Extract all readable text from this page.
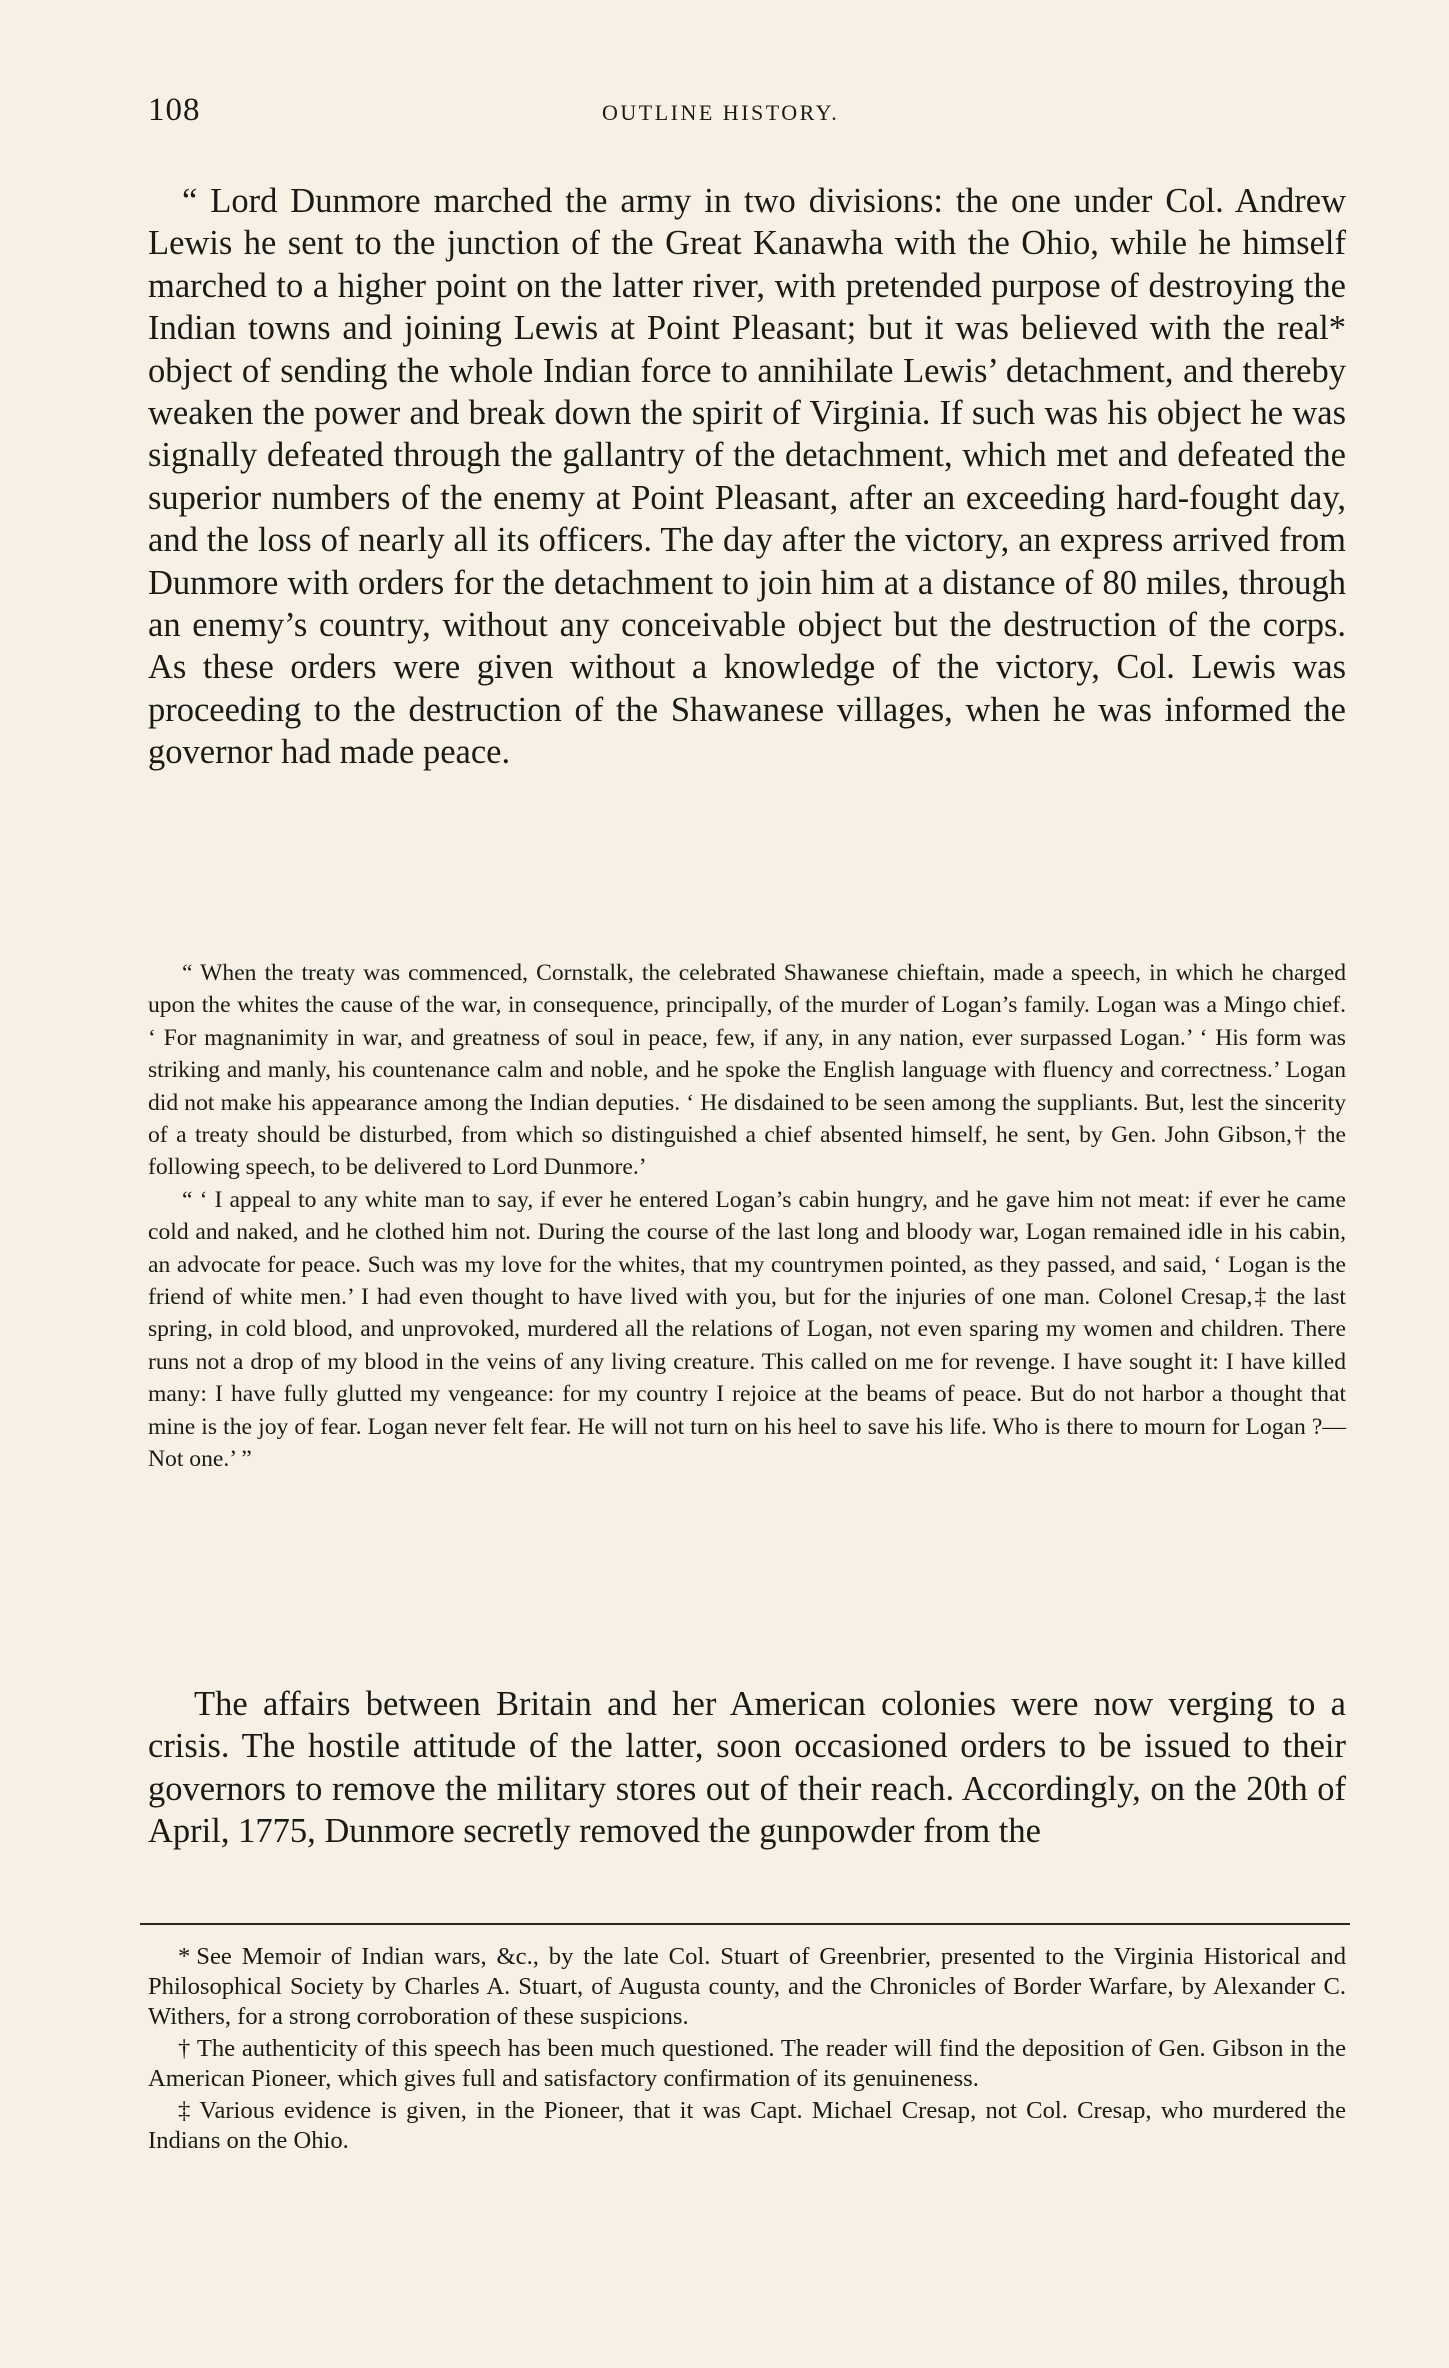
108	OUTLINE HISTORY.

“ Lord Dunmore marched the army in two divisions: the one under Col. Andrew Lewis he sent to the junction of the Great Kanawha with the Ohio, while he himself marched to a higher point on the latter river, with pretended purpose of destroying the Indian towns and joining Lewis at Point Pleasant; but it was believed with the real* object of sending the whole Indian force to annihilate Lewis’ detachment, and thereby weaken the power and break down the spirit of Virginia. If such was his object he was signally defeated through the gallantry of the detachment, which met and defeated the superior numbers of the enemy at Point Pleasant, after an exceeding hard-fought day, and the loss of nearly all its officers. The day after the victory, an express arrived from Dunmore with orders for the detachment to join him at a distance of 80 miles, through an enemy’s country, without any conceivable object but the destruction of the corps. As these orders were given without a knowledge of the victory, Col. Lewis was proceeding to the destruction of the Shawanese villages, when he was informed the governor had made peace.

“ When the treaty was commenced, Cornstalk, the celebrated Shawanese chieftain, made a speech, in which he charged upon the whites the cause of the war, in consequence, principally, of the murder of Logan’s family. Logan was a Mingo chief. ‘ For magnanimity in war, and greatness of soul in peace, few, if any, in any nation, ever surpassed Logan.’ ‘ His form was striking and manly, his countenance calm and noble, and he spoke the English language with fluency and correctness.’ Logan did not make his appearance among the Indian deputies. ‘ He disdained to be seen among the suppliants. But, lest the sincerity of a treaty should be disturbed, from which so distinguished a chief absented himself, he sent, by Gen. John Gibson,† the following speech, to be delivered to Lord Dunmore.’

“ ‘ I appeal to any white man to say, if ever he entered Logan’s cabin hungry, and he gave him not meat: if ever he came cold and naked, and he clothed him not. During the course of the last long and bloody war, Logan remained idle in his cabin, an advocate for peace. Such was my love for the whites, that my countrymen pointed, as they passed, and said, ‘ Logan is the friend of white men.’ I had even thought to have lived with you, but for the injuries of one man. Colonel Cresap,‡ the last spring, in cold blood, and unprovoked, murdered all the relations of Logan, not even sparing my women and children. There runs not a drop of my blood in the veins of any living creature. This called on me for revenge. I have sought it: I have killed many: I have fully glutted my vengeance: for my country I rejoice at the beams of peace. But do not harbor a thought that mine is the joy of fear. Logan never felt fear. He will not turn on his heel to save his life. Who is there to mourn for Logan ?—Not one.’ ”

The affairs between Britain and her American colonies were now verging to a crisis. The hostile attitude of the latter, soon occasioned orders to be issued to their governors to remove the military stores out of their reach. Accordingly, on the 20th of April, 1775, Dunmore secretly removed the gunpowder from the

* See Memoir of Indian wars, &c., by the late Col. Stuart of Greenbrier, presented to the Virginia Historical and Philosophical Society by Charles A. Stuart, of Augusta county, and the Chronicles of Border Warfare, by Alexander C. Withers, for a strong corroboration of these suspicions.

† The authenticity of this speech has been much questioned. The reader will find the deposition of Gen. Gibson in the American Pioneer, which gives full and satisfactory confirmation of its genuineness.

‡ Various evidence is given, in the Pioneer, that it was Capt. Michael Cresap, not Col. Cresap, who murdered the Indians on the Ohio.
